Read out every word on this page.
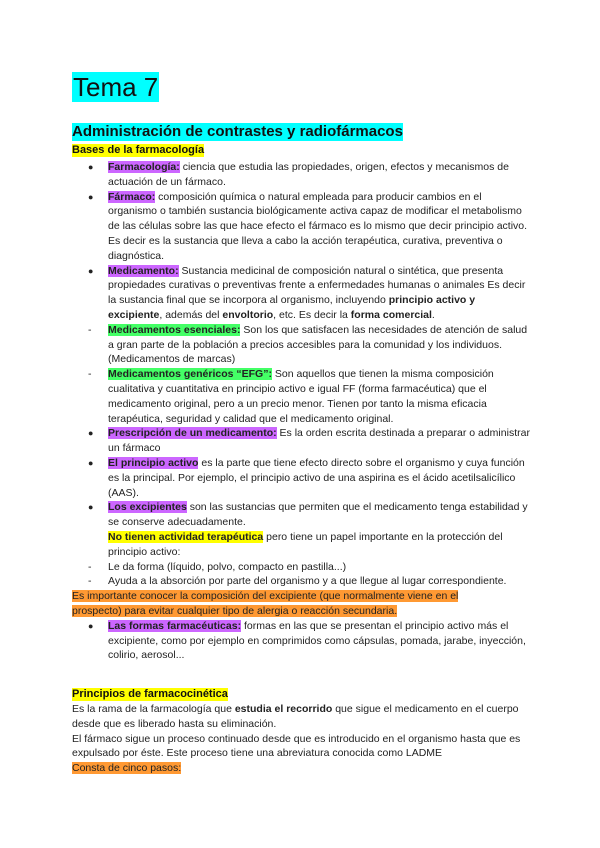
Tema 7
Administración de contrastes y radiofármacos
Bases de la farmacología
● Farmacología: ciencia que estudia las propiedades, origen, efectos y mecanismos de actuación de un fármaco.
● Fármaco: composición química o natural empleada para producir cambios en el organismo o también sustancia biológicamente activa capaz de modificar el metabolismo de las células sobre las que hace efecto el fármaco es lo mismo que decir principio activo. Es decir es la sustancia que lleva a cabo la acción terapéutica, curativa, preventiva o diagnóstica.
● Medicamento: Sustancia medicinal de composición natural o sintética, que presenta propiedades curativas o preventivas frente a enfermedades humanas o animales Es decir la sustancia final que se incorpora al organismo, incluyendo principio activo y excipiente, además del envoltorio, etc. Es decir la forma comercial.
- Medicamentos esenciales: Son los que satisfacen las necesidades de atención de salud a gran parte de la población a precios accesibles para la comunidad y los individuos. (Medicamentos de marcas)
- Medicamentos genéricos “EFG”: Son aquellos que tienen la misma composición cualitativa y cuantitativa en principio activo e igual FF (forma farmacéutica) que el medicamento original, pero a un precio menor. Tienen por tanto la misma eficacia terapéutica, seguridad y calidad que el medicamento original.
● Prescripción de un medicamento: Es la orden escrita destinada a preparar o administrar un fármaco
● El principio activo es la parte que tiene efecto directo sobre el organismo y cuya función es la principal. Por ejemplo, el principio activo de una aspirina es el ácido acetilsalicílico (AAS).
● Los excipientes son las sustancias que permiten que el medicamento tenga estabilidad y se conserve adecuadamente.
No tienen actividad terapéutica pero tiene un papel importante en la protección del principio activo:
- Le da forma (líquido, polvo, compacto en pastilla...)
- Ayuda a la absorción por parte del organismo y a que llegue al lugar correspondiente.
Es importante conocer la composición del excipiente (que normalmente viene en el
prospecto) para evitar cualquier tipo de alergia o reacción secundaria.
● Las formas farmacéuticas: formas en las que se presentan el principio activo más el excipiente, como por ejemplo en comprimidos como cápsulas, pomada, jarabe, inyección, colirio, aerosol...
Principios de farmacocinética
Es la rama de la farmacología que estudia el recorrido que sigue el medicamento en el cuerpo desde que es liberado hasta su eliminación.
El fármaco sigue un proceso continuado desde que es introducido en el organismo hasta que es expulsado por éste. Este proceso tiene una abreviatura conocida como LADME
Consta de cinco pasos:
